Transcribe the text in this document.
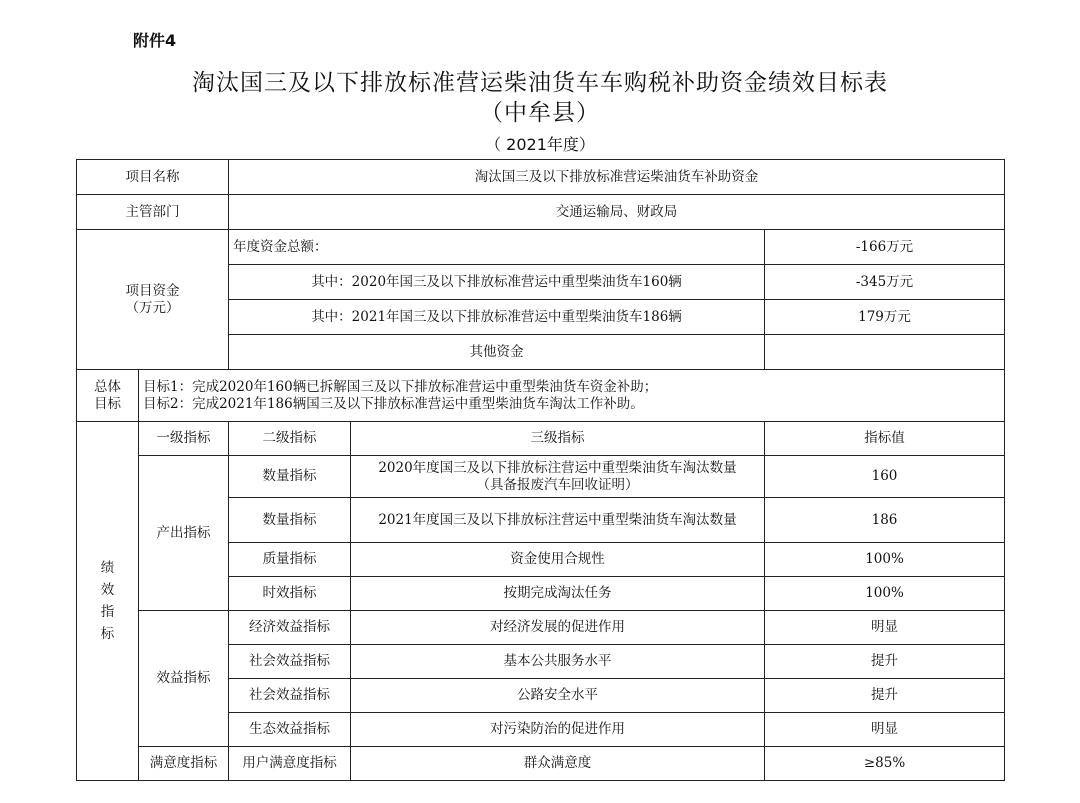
附件4
淘汰国三及以下排放标准营运柴油货车车购税补助资金绩效目标表
（中牟县）
（ 2021年度）
项目名称		淘汰国三及以下排放标准营运柴油货车补助资金		
主管部门		交通运输局、财政局		

项目资金
（万元）		年度资金总额：		-166万元
		其中：2020年国三及以下排放标准营运中重型柴油货车160辆		-345万元
		其中：2021年国三及以下排放标准营运中重型柴油货车186辆		179万元
		其他资金		

总体
目标	目标1：完成2020年160辆已拆解国三及以下排放标准营运中重型柴油货车资金补助；
目标2：完成2021年186辆国三及以下排放标准营运中重型柴油货车淘汰工作补助。			

绩
效
指
标	一级指标	二级指标	三级指标	指标值
	产出指标	数量指标	2020年度国三及以下排放标注营运中重型柴油货车淘汰数量
（具备报废汽车回收证明）	160
		数量指标	2021年度国三及以下排放标注营运中重型柴油货车淘汰数量	186
		质量指标	资金使用合规性	100%
		时效指标	按期完成淘汰任务	100%
	效益指标	经济效益指标	对经济发展的促进作用	明显
		社会效益指标	基本公共服务水平	提升
		社会效益指标	公路安全水平	提升
		生态效益指标	对污染防治的促进作用	明显
	满意度指标	用户满意度指标	群众满意度	≥85%
